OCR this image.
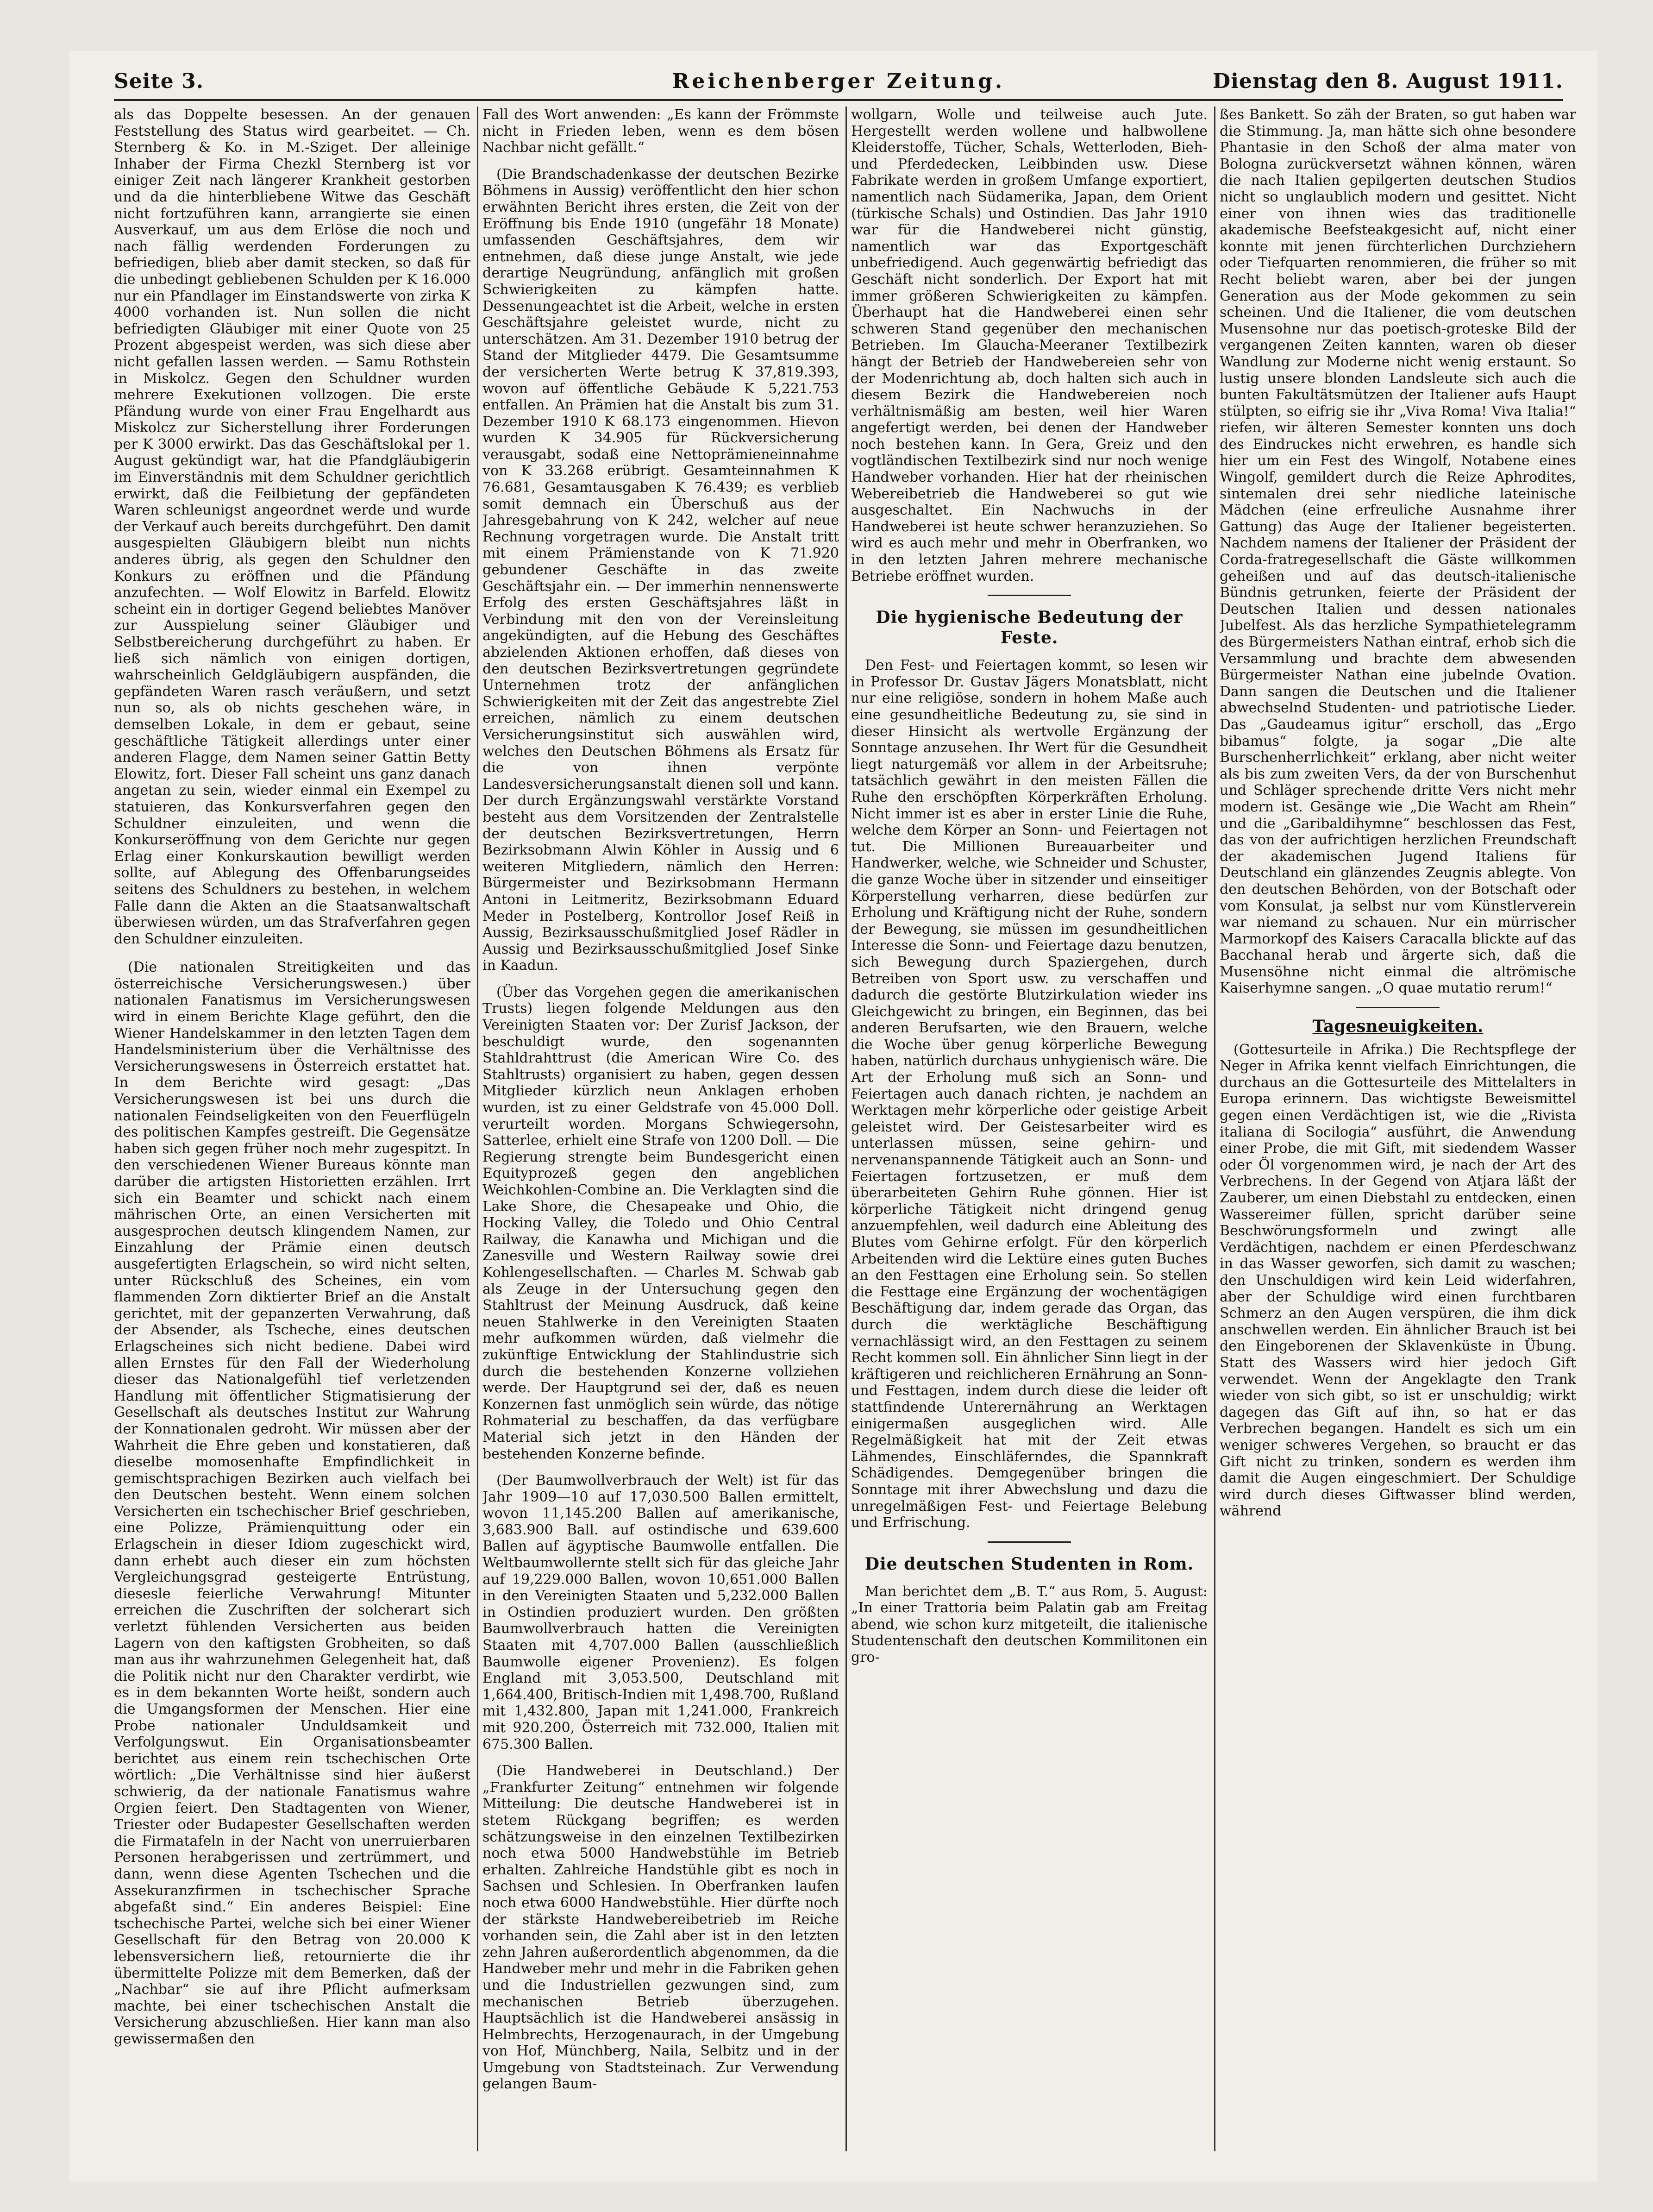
Seite 3.	Reichenberger Zeitung.	Dienstag den 8. August 1911.

als das Doppelte besessen. An der genauen Feststellung des Status wird gearbeitet. — Ch. Sternberg & Ko. in M.-Sziget. Der alleinige Inhaber der Firma Chezkl Sternberg ist vor einiger Zeit nach längerer Krankheit gestorben und da die hinterbliebene Witwe das Geschäft nicht fortzuführen kann, arrangierte sie einen Ausverkauf, um aus dem Erlöse die noch und nach fällig werdenden Forderungen zu befriedigen, blieb aber damit stecken, so daß für die unbedingt gebliebenen Schulden per K 16.000 nur ein Pfandlager im Einstandswerte von zirka K 4000 vorhanden ist. Nun sollen die nicht befriedigten Gläubiger mit einer Quote von 25 Prozent abgespeist werden, was sich diese aber nicht gefallen lassen werden. — Samu Rothstein in Miskolcz. Gegen den Schuldner wurden mehrere Exekutionen vollzogen. Die erste Pfändung wurde von einer Frau Engelhardt aus Miskolcz zur Sicherstellung ihrer Forderungen per K 3000 erwirkt. Das das Geschäftslokal per 1. August gekündigt war, hat die Pfandgläubigerin im Einverständnis mit dem Schuldner gerichtlich erwirkt, daß die Feilbietung der gepfändeten Waren schleunigst angeordnet werde und wurde der Verkauf auch bereits durchgeführt. Den damit ausgespielten Gläubigern bleibt nun nichts anderes übrig, als gegen den Schuldner den Konkurs zu eröffnen und die Pfändung anzufechten. — Wolf Elowitz in Barfeld. Elowitz scheint ein in dortiger Gegend beliebtes Manöver zur Ausspielung seiner Gläubiger und Selbstbereicherung durchgeführt zu haben. Er ließ sich nämlich von einigen dortigen, wahrscheinlich Geldgläubigern auspfänden, die gepfändeten Waren rasch veräußern, und setzt nun so, als ob nichts geschehen wäre, in demselben Lokale, in dem er gebaut, seine geschäftliche Tätigkeit allerdings unter einer anderen Flagge, dem Namen seiner Gattin Betty Elowitz, fort. Dieser Fall scheint uns ganz danach angetan zu sein, wieder einmal ein Exempel zu statuieren, das Konkursverfahren gegen den Schuldner einzuleiten, und wenn die Konkurseröffnung von dem Gerichte nur gegen Erlag einer Konkurskaution bewilligt werden sollte, auf Ablegung des Offenbarungseides seitens des Schuldners zu bestehen, in welchem Falle dann die Akten an die Staatsanwaltschaft überwiesen würden, um das Strafverfahren gegen den Schuldner einzuleiten.

(Die nationalen Streitigkeiten und das österreichische Versicherungswesen.) über nationalen Fanatismus im Versicherungswesen wird in einem Berichte Klage geführt, den die Wiener Handelskammer in den letzten Tagen dem Handelsministerium über die Verhältnisse des Versicherungswesens in Österreich erstattet hat. In dem Berichte wird gesagt: „Das Versicherungswesen ist bei uns durch die nationalen Feindseligkeiten von den Feuerflügeln des politischen Kampfes gestreift. Die Gegensätze haben sich gegen früher noch mehr zugespitzt. In den verschiedenen Wiener Bureaus könnte man darüber die artigsten Historietten erzählen. Irrt sich ein Beamter und schickt nach einem mährischen Orte, an einen Versicherten mit ausgesprochen deutsch klingendem Namen, zur Einzahlung der Prämie einen deutsch ausgefertigten Erlagschein, so wird nicht selten, unter Rückschluß des Scheines, ein vom flammenden Zorn diktierter Brief an die Anstalt gerichtet, mit der gepanzerten Verwahrung, daß der Absender, als Tscheche, eines deutschen Erlagscheines sich nicht bediene. Dabei wird allen Ernstes für den Fall der Wiederholung dieser das Nationalgefühl tief verletzenden Handlung mit öffentlicher Stigmatisierung der Gesellschaft als deutsches Institut zur Wahrung der Konnationalen gedroht. Wir müssen aber der Wahrheit die Ehre geben und konstatieren, daß dieselbe momosenhafte Empfindlichkeit in gemischtsprachigen Bezirken auch vielfach bei den Deutschen besteht. Wenn einem solchen Versicherten ein tschechischer Brief geschrieben, eine Polizze, Prämienquittung oder ein Erlagschein in dieser Idiom zugeschickt wird, dann erhebt auch dieser ein zum höchsten Vergleichungsgrad gesteigerte Entrüstung, diesesle feierliche Verwahrung! Mitunter erreichen die Zuschriften der solcherart sich verletzt fühlenden Versicherten aus beiden Lagern von den kaftigsten Grobheiten, so daß man aus ihr wahrzunehmen Gelegenheit hat, daß die Politik nicht nur den Charakter verdirbt, wie es in dem bekannten Worte heißt, sondern auch die Umgangsformen der Menschen. Hier eine Probe nationaler Unduldsamkeit und Verfolgungswut. Ein Organisationsbeamter berichtet aus einem rein tschechischen Orte wörtlich: „Die Verhältnisse sind hier äußerst schwierig, da der nationale Fanatismus wahre Orgien feiert. Den Stadtagenten von Wiener, Triester oder Budapester Gesellschaften werden die Firmatafeln in der Nacht von unerruierbaren Personen herabgerissen und zertrümmert, und dann, wenn diese Agenten Tschechen und die Assekuranzfirmen in tschechischer Sprache abgefaßt sind.“ Ein anderes Beispiel: Eine tschechische Partei, welche sich bei einer Wiener Gesellschaft für den Betrag von 20.000 K lebensversichern ließ, retournierte die ihr übermittelte Polizze mit dem Bemerken, daß der „Nachbar“ sie auf ihre Pflicht aufmerksam machte, bei einer tschechischen Anstalt die Versicherung abzuschließen. Hier kann man also gewissermaßen den

Fall des Wort anwenden: „Es kann der Frömmste nicht in Frieden leben, wenn es dem bösen Nachbar nicht gefällt.“

(Die Brandschadenkasse der deutschen Bezirke Böhmens in Aussig) veröffentlicht den hier schon erwähnten Bericht ihres ersten, die Zeit von der Eröffnung bis Ende 1910 (ungefähr 18 Monate) umfassenden Geschäftsjahres, dem wir entnehmen, daß diese junge Anstalt, wie jede derartige Neugründung, anfänglich mit großen Schwierigkeiten zu kämpfen hatte. Dessenungeachtet ist die Arbeit, welche in ersten Geschäftsjahre geleistet wurde, nicht zu unterschätzen. Am 31. Dezember 1910 betrug der Stand der Mitglieder 4479. Die Gesamtsumme der versicherten Werte betrug K 37,819.393, wovon auf öffentliche Gebäude K 5,221.753 entfallen. An Prämien hat die Anstalt bis zum 31. Dezember 1910 K 68.173 eingenommen. Hievon wurden K 34.905 für Rückversicherung verausgabt, sodaß eine Nettoprämieneinnahme von K 33.268 erübrigt. Gesamteinnahmen K 76.681, Gesamtausgaben K 76.439; es verblieb somit demnach ein Überschuß aus der Jahresgebahrung von K 242, welcher auf neue Rechnung vorgetragen wurde. Die Anstalt tritt mit einem Prämienstande von K 71.920 gebundener Geschäfte in das zweite Geschäftsjahr ein. — Der immerhin nennenswerte Erfolg des ersten Geschäftsjahres läßt in Verbindung mit den von der Vereinsleitung angekündigten, auf die Hebung des Geschäftes abzielenden Aktionen erhoffen, daß dieses von den deutschen Bezirksvertretungen gegründete Unternehmen trotz der anfänglichen Schwierigkeiten mit der Zeit das angestrebte Ziel erreichen, nämlich zu einem deutschen Versicherungsinstitut sich auswählen wird, welches den Deutschen Böhmens als Ersatz für die von ihnen verpönte Landesversicherungsanstalt dienen soll und kann. Der durch Ergänzungswahl verstärkte Vorstand besteht aus dem Vorsitzenden der Zentralstelle der deutschen Bezirksvertretungen, Herrn Bezirksobmann Alwin Köhler in Aussig und 6 weiteren Mitgliedern, nämlich den Herren: Bürgermeister und Bezirksobmann Hermann Antoni in Leitmeritz, Bezirksobmann Eduard Meder in Postelberg, Kontrollor Josef Reiß in Aussig, Bezirksausschußmitglied Josef Rädler in Aussig und Bezirksausschußmitglied Josef Sinke in Kaadun.

(Über das Vorgehen gegen die amerikanischen Trusts) liegen folgende Meldungen aus den Vereinigten Staaten vor: Der Zurisf Jackson, der beschuldigt wurde, den sogenannten Stahldrahttrust (die American Wire Co. des Stahltrusts) organisiert zu haben, gegen dessen Mitglieder kürzlich neun Anklagen erhoben wurden, ist zu einer Geldstrafe von 45.000 Doll. verurteilt worden. Morgans Schwiegersohn, Satterlee, erhielt eine Strafe von 1200 Doll. — Die Regierung strengte beim Bundesgericht einen Equityprozeß gegen den angeblichen Weichkohlen-Combine an. Die Verklagten sind die Lake Shore, die Chesapeake und Ohio, die Hocking Valley, die Toledo und Ohio Central Railway, die Kanawha und Michigan und die Zanesville und Western Railway sowie drei Kohlengesellschaften. — Charles M. Schwab gab als Zeuge in der Untersuchung gegen den Stahltrust der Meinung Ausdruck, daß keine neuen Stahlwerke in den Vereinigten Staaten mehr aufkommen würden, daß vielmehr die zukünftige Entwicklung der Stahlindustrie sich durch die bestehenden Konzerne vollziehen werde. Der Hauptgrund sei der, daß es neuen Konzernen fast unmöglich sein würde, das nötige Rohmaterial zu beschaffen, da das verfügbare Material sich jetzt in den Händen der bestehenden Konzerne befinde.

(Der Baumwollverbrauch der Welt) ist für das Jahr 1909—10 auf 17,030.500 Ballen ermittelt, wovon 11,145.200 Ballen auf amerikanische, 3,683.900 Ball. auf ostindische und 639.600 Ballen auf ägyptische Baumwolle entfallen. Die Weltbaumwollernte stellt sich für das gleiche Jahr auf 19,229.000 Ballen, wovon 10,651.000 Ballen in den Vereinigten Staaten und 5,232.000 Ballen in Ostindien produziert wurden. Den größten Baumwollverbrauch hatten die Vereinigten Staaten mit 4,707.000 Ballen (ausschließlich Baumwolle eigener Provenienz). Es folgen England mit 3,053.500, Deutschland mit 1,664.400, Britisch-Indien mit 1,498.700, Rußland mit 1,432.800, Japan mit 1,241.000, Frankreich mit 920.200, Österreich mit 732.000, Italien mit 675.300 Ballen.

(Die Handweberei in Deutschland.) Der „Frankfurter Zeitung“ entnehmen wir folgende Mitteilung: Die deutsche Handweberei ist in stetem Rückgang begriffen; es werden schätzungsweise in den einzelnen Textilbezirken noch etwa 5000 Handwebstühle im Betrieb erhalten. Zahlreiche Handstühle gibt es noch in Sachsen und Schlesien. In Oberfranken laufen noch etwa 6000 Handwebstühle. Hier dürfte noch der stärkste Handwebereibetrieb im Reiche vorhanden sein, die Zahl aber ist in den letzten zehn Jahren außerordentlich abgenommen, da die Handweber mehr und mehr in die Fabriken gehen und die Industriellen gezwungen sind, zum mechanischen Betrieb überzugehen. Hauptsächlich ist die Handweberei ansässig in Helmbrechts, Herzogenaurach, in der Umgebung von Hof, Münchberg, Naila, Selbitz und in der Umgebung von Stadtsteinach. Zur Verwendung gelangen Baum-

wollgarn, Wolle und teilweise auch Jute. Hergestellt werden wollene und halbwollene Kleiderstoffe, Tücher, Schals, Wetterloden, Bieh- und Pferdedecken, Leibbinden usw. Diese Fabrikate werden in großem Umfange exportiert, namentlich nach Südamerika, Japan, dem Orient (türkische Schals) und Ostindien. Das Jahr 1910 war für die Handweberei nicht günstig, namentlich war das Exportgeschäft unbefriedigend. Auch gegenwärtig befriedigt das Geschäft nicht sonderlich. Der Export hat mit immer größeren Schwierigkeiten zu kämpfen. Überhaupt hat die Handweberei einen sehr schweren Stand gegenüber den mechanischen Betrieben. Im Glaucha-Meeraner Textilbezirk hängt der Betrieb der Handwebereien sehr von der Modenrichtung ab, doch halten sich auch in diesem Bezirk die Handwebereien noch verhältnismäßig am besten, weil hier Waren angefertigt werden, bei denen der Handweber noch bestehen kann. In Gera, Greiz und den vogtländischen Textilbezirk sind nur noch wenige Handweber vorhanden. Hier hat der rheinischen Webereibetrieb die Handweberei so gut wie ausgeschaltet. Ein Nachwuchs in der Handweberei ist heute schwer heranzuziehen. So wird es auch mehr und mehr in Oberfranken, wo in den letzten Jahren mehrere mechanische Betriebe eröffnet wurden.

Die hygienische Bedeutung der Feste.

Den Fest- und Feiertagen kommt, so lesen wir in Professor Dr. Gustav Jägers Monatsblatt, nicht nur eine religiöse, sondern in hohem Maße auch eine gesundheitliche Bedeutung zu, sie sind in dieser Hinsicht als wertvolle Ergänzung der Sonntage anzusehen. Ihr Wert für die Gesundheit liegt naturgemäß vor allem in der Arbeitsruhe; tatsächlich gewährt in den meisten Fällen die Ruhe den erschöpften Körperkräften Erholung. Nicht immer ist es aber in erster Linie die Ruhe, welche dem Körper an Sonn- und Feiertagen not tut. Die Millionen Bureauarbeiter und Handwerker, welche, wie Schneider und Schuster, die ganze Woche über in sitzender und einseitiger Körperstellung verharren, diese bedürfen zur Erholung und Kräftigung nicht der Ruhe, sondern der Bewegung, sie müssen im gesundheitlichen Interesse die Sonn- und Feiertage dazu benutzen, sich Bewegung durch Spaziergehen, durch Betreiben von Sport usw. zu verschaffen und dadurch die gestörte Blutzirkulation wieder ins Gleichgewicht zu bringen, ein Beginnen, das bei anderen Berufsarten, wie den Brauern, welche die Woche über genug körperliche Bewegung haben, natürlich durchaus unhygienisch wäre. Die Art der Erholung muß sich an Sonn- und Feiertagen auch danach richten, je nachdem an Werktagen mehr körperliche oder geistige Arbeit geleistet wird. Der Geistesarbeiter wird es unterlassen müssen, seine gehirn- und nervenanspannende Tätigkeit auch an Sonn- und Feiertagen fortzusetzen, er muß dem überarbeiteten Gehirn Ruhe gönnen. Hier ist körperliche Tätigkeit nicht dringend genug anzuempfehlen, weil dadurch eine Ableitung des Blutes vom Gehirne erfolgt. Für den körperlich Arbeitenden wird die Lektüre eines guten Buches an den Festtagen eine Erholung sein. So stellen die Festtage eine Ergänzung der wochentägigen Beschäftigung dar, indem gerade das Organ, das durch die werktägliche Beschäftigung vernachlässigt wird, an den Festtagen zu seinem Recht kommen soll. Ein ähnlicher Sinn liegt in der kräftigeren und reichlicheren Ernährung an Sonn- und Festtagen, indem durch diese die leider oft stattfindende Unterernährung an Werktagen einigermaßen ausgeglichen wird. Alle Regelmäßigkeit hat mit der Zeit etwas Lähmendes, Einschläferndes, die Spannkraft Schädigendes. Demgegenüber bringen die Sonntage mit ihrer Abwechslung und dazu die unregelmäßigen Fest- und Feiertage Belebung und Erfrischung.

Die deutschen Studenten in Rom.

Man berichtet dem „B. T.“ aus Rom, 5. August: „In einer Trattoria beim Palatin gab am Freitag abend, wie schon kurz mitgeteilt, die italienische Studentenschaft den deutschen Kommilitonen ein gro-

ßes Bankett. So zäh der Braten, so gut haben war die Stimmung. Ja, man hätte sich ohne besondere Phantasie in den Schoß der alma mater von Bologna zurückversetzt wähnen können, wären die nach Italien gepilgerten deutschen Studios nicht so unglaublich modern und gesittet. Nicht einer von ihnen wies das traditionelle akademische Beefsteakgesicht auf, nicht einer konnte mit jenen fürchterlichen Durchziehern oder Tiefquarten renommieren, die früher so mit Recht beliebt waren, aber bei der jungen Generation aus der Mode gekommen zu sein scheinen. Und die Italiener, die vom deutschen Musensohne nur das poetisch-groteske Bild der vergangenen Zeiten kannten, waren ob dieser Wandlung zur Moderne nicht wenig erstaunt. So lustig unsere blonden Landsleute sich auch die bunten Fakultätsmützen der Italiener aufs Haupt stülpten, so eifrig sie ihr „Viva Roma! Viva Italia!“ riefen, wir älteren Semester konnten uns doch des Eindruckes nicht erwehren, es handle sich hier um ein Fest des Wingolf, Notabene eines Wingolf, gemildert durch die Reize Aphrodites, sintemalen drei sehr niedliche lateinische Mädchen (eine erfreuliche Ausnahme ihrer Gattung) das Auge der Italiener begeisterten. Nachdem namens der Italiener der Präsident der Corda-fratregesellschaft die Gäste willkommen geheißen und auf das deutsch-italienische Bündnis getrunken, feierte der Präsident der Deutschen Italien und dessen nationales Jubelfest. Als das herzliche Sympathietelegramm des Bürgermeisters Nathan eintraf, erhob sich die Versammlung und brachte dem abwesenden Bürgermeister Nathan eine jubelnde Ovation. Dann sangen die Deutschen und die Italiener abwechselnd Studenten- und patriotische Lieder. Das „Gaudeamus igitur“ erscholl, das „Ergo bibamus“ folgte, ja sogar „Die alte Burschenherrlichkeit“ erklang, aber nicht weiter als bis zum zweiten Vers, da der von Burschenhut und Schläger sprechende dritte Vers nicht mehr modern ist. Gesänge wie „Die Wacht am Rhein“ und die „Garibaldihymne“ beschlossen das Fest, das von der aufrichtigen herzlichen Freundschaft der akademischen Jugend Italiens für Deutschland ein glänzendes Zeugnis ablegte. Von den deutschen Behörden, von der Botschaft oder vom Konsulat, ja selbst nur vom Künstlerverein war niemand zu schauen. Nur ein mürrischer Marmorkopf des Kaisers Caracalla blickte auf das Bacchanal herab und ärgerte sich, daß die Musensöhne nicht einmal die altrömische Kaiserhymne sangen. „O quae mutatio rerum!“

Tagesneuigkeiten.

(Gottesurteile in Afrika.) Die Rechtspflege der Neger in Afrika kennt vielfach Einrichtungen, die durchaus an die Gottesurteile des Mittelalters in Europa erinnern. Das wichtigste Beweismittel gegen einen Verdächtigen ist, wie die „Rivista italiana di Socilogia“ ausführt, die Anwendung einer Probe, die mit Gift, mit siedendem Wasser oder Öl vorgenommen wird, je nach der Art des Verbrechens. In der Gegend von Atjara läßt der Zauberer, um einen Diebstahl zu entdecken, einen Wassereimer füllen, spricht darüber seine Beschwörungsformeln und zwingt alle Verdächtigen, nachdem er einen Pferdeschwanz in das Wasser geworfen, sich damit zu waschen; den Unschuldigen wird kein Leid widerfahren, aber der Schuldige wird einen furchtbaren Schmerz an den Augen verspüren, die ihm dick anschwellen werden. Ein ähnlicher Brauch ist bei den Eingeborenen der Sklavenküste in Übung. Statt des Wassers wird hier jedoch Gift verwendet. Wenn der Angeklagte den Trank wieder von sich gibt, so ist er unschuldig; wirkt dagegen das Gift auf ihn, so hat er das Verbrechen begangen. Handelt es sich um ein weniger schweres Vergehen, so braucht er das Gift nicht zu trinken, sondern es werden ihm damit die Augen eingeschmiert. Der Schuldige wird durch dieses Giftwasser blind werden, während
